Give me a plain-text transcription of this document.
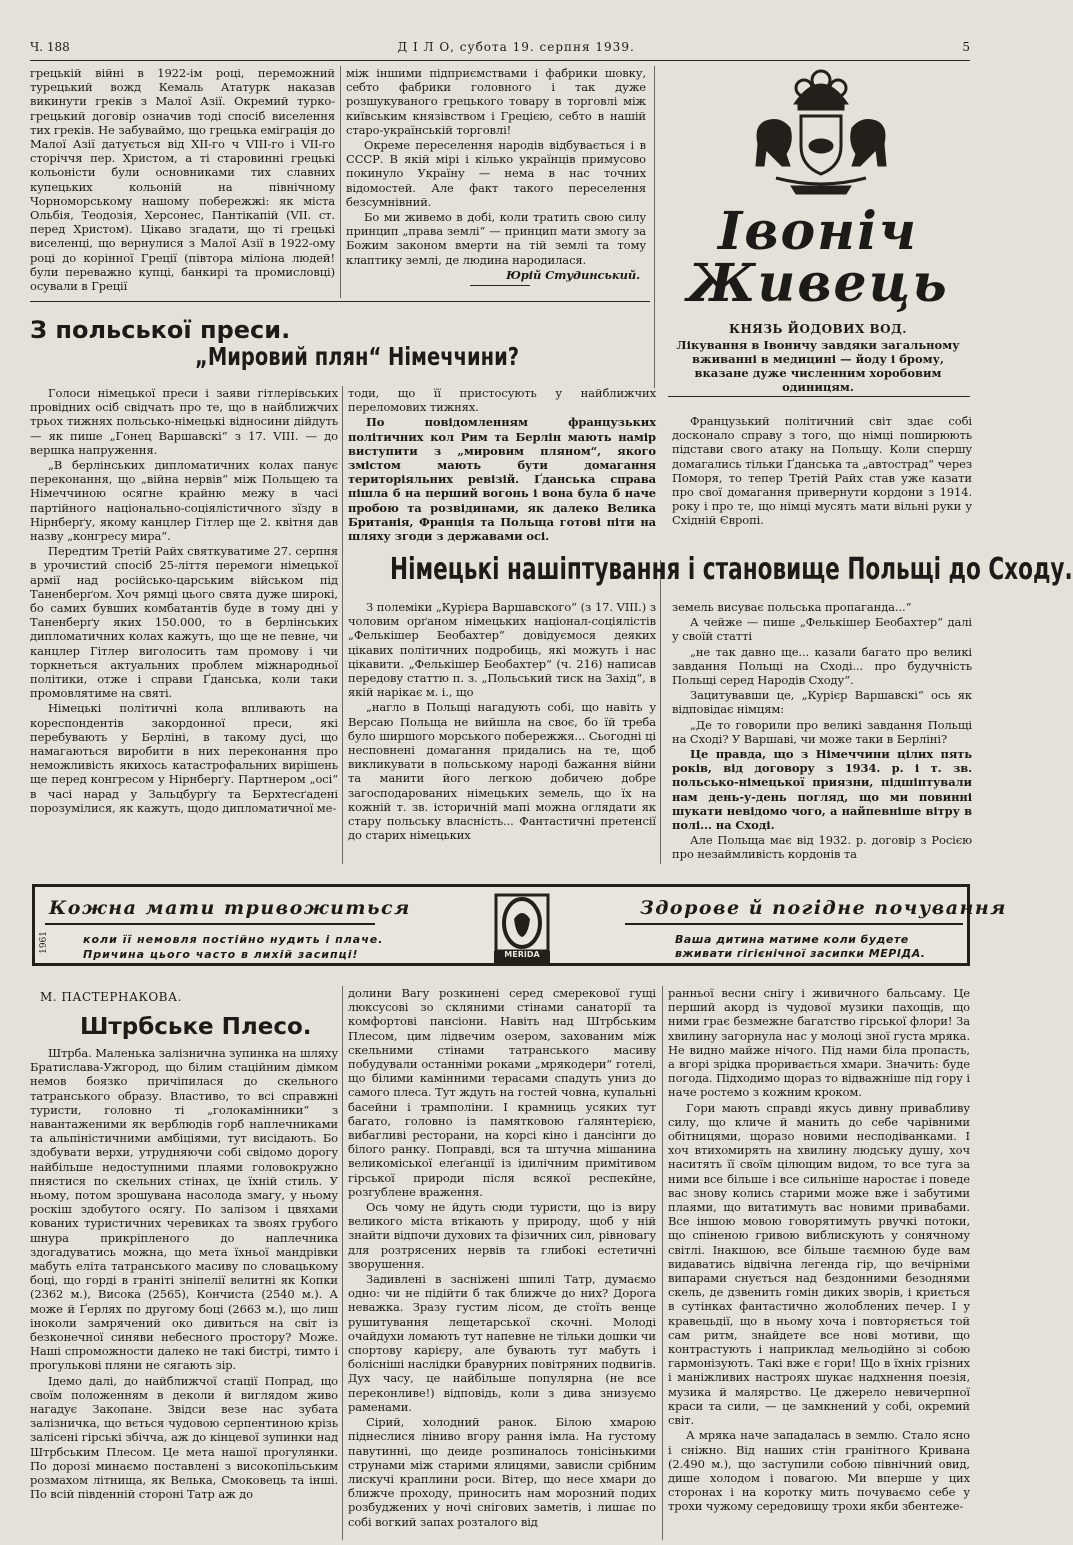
Ч. 188	Д І Л О, субота 19. серпня 1939.	5

грецькій війні в 1922-ім році, переможний турецький вожд Кемаль Ататурк наказав викинути греків з Малої Азії. Окремий турко-грецький договір означив тоді спосіб виселення тих греків. Не забуваймо, що грецька еміграція до Малої Азії датується від XII-го ч VIII-го і VII-го сторіччя пер. Христом, а ті старовинні грецькі кольоністи були основниками тих славних купецьких кольоній на північному Чорноморському нашому побережжі: як міста Ольбія, Теодозія, Херсонес, Пантікапій (VII. ст. перед Христом). Цікаво згадати, що ті грецькі виселенці, що вернулися з Малої Азії в 1922-ому році до корінної Греції (півтора міліона людей! були переважно купці, банкирі та промисловці) осували в Греції

між іншими підприємствами і фабрики шовку, себто фабрики головного і так дуже розшукуваного грецького товару в торговлі між київським князівством і Грецією, себто в нашій старо-українській торговлі!

Окреме переселення народів відбувається і в СССР. В якій мірі і кілько українців примусово покинуло Україну — нема в нас точних відомостей. Але факт такого переселення безсумнівний.

Бо ми живемо в добі, коли тратить свою силу принцип „права землі“ — принцип мати змогу за Божим законом вмерти на тій землі та тому клаптику землі, де людина народилася.

Юрій Студинський.

Івоніч
Живець
КНЯЗЬ ЙОДОВИХ ВОД.
Лікування в Івоничу завдяки загальному вживанні в медицині — йоду і брому, вказане дуже численним хоробовим одиницям.
З польської преси.
„Мировий плян“ Німеччини?

Голоси німецької преси і заяви гітлерівських провідних осіб свідчать про те, що в найближчих трьох тижнях польсько-німецькі відносини дійдуть — як пише „Гонец Варшавскі“ з 17. VIII. — до вершка напруження.

„В берлінських дипломатичних колах панує переконання, що „війна нервів“ між Польщею та Німеччиною осягне крайню межу в часі партійного національно-соціялістичного зїзду в Нірнберґу, якому канцлер Гітлер ще 2. квітня дав назву „конгресу мира“.

Передтим Третій Райх святкуватиме 27. серпня в урочистий спосіб 25-ліття перемоги німецької армії над російсько-царським військом під Таненберґом. Хоч рямці цього свята дуже широкі, бо самих бувших комбатантів буде в тому дні у Таненберґу яких 150.000, то в берлінських дипломатичних колах кажуть, що ще не певне, чи канцлер Гітлер виголосить там промову і чи торкнеться актуальних проблем міжнародньої політики, отже і справи Ґданська, коли таки промовлятиме на святі.

Німецькі політичні кола впливають на кореспондентів закордонної преси, які перебувають у Берліні, в такому дусі, що намагаються виробити в них переконання про неможливість якихось катастрофальних вирішень ще перед конгресом у Нірнберґу. Партнером „осі“ в часі нарад у Зальцбурґу та Берхтесґадені порозумілися, як кажуть, щодо дипломатичної ме-

тоди, що її пристосують у найближчих переломових тижнях.

По повідомленням французьких політичних кол Рим та Берлін мають намір виступити з „мировим пляном“, якого змістом мають бути домагання територіяльних ревізій. Ґданська справа пішла б на перший вогонь і вона була б наче пробою та розвідинами, як далеко Велика Британія, Франція та Польща готові піти на шляху згоди з державами осі.

Французький політичний світ здає собі досконало справу з того, що німці поширюють підстави свого атаку на Польщу. Коли спершу домагались тільки Ґданська та „автострад“ через Поморя, то тепер Третій Райх став уже казати про свої домагання привернути кордони з 1914. року і про те, що німці мусять мати вільні руки у Східній Європі.

Німецькі нашіптування і становище Польщі до Сходу.

З полеміки „Курієра Варшавского“ (з 17. VIII.) з чоловим орґаном німецьких націонал-соціялістів „Фелькішер Беобахтер“ довідуємося деяких цікавих політичних подробиць, які можуть і нас цікавити. „Фелькішер Беобахтер“ (ч. 216) написав передову статтю п. з. „Польський тиск на Захід“, в якій нарікає м. і., що

„нагло в Польщі нагадують собі, що навіть у Версаю Польща не вийшла на своє, бо їй треба було ширшого морського побережжя... Сьогодні ці несповнені домагання придались на те, щоб викликувати в польському народі бажання війни та манити його легкою добичею добре загосподарованих німецьких земель, що їх на кожній т. зв. історичній мапі можна оглядати як стару польську власність... Фантастичні претенсії до старих німецьких

земель висуває польська пропаганда...“

А чейже — пише „Фелькішер Беобахтер“ далі у своїй статті

„не так давно ще... казали багато про великі завдання Польщі на Сході... про будучність Польщі серед Народів Сходу“.

Зацитувавши це, „Курієр Варшавскі“ ось як відповідає німцям:

„Де то говорили про великі завдання Польщі на Сході? У Варшаві, чи може таки в Берліні?

Це правда, що з Німеччини цілих пять років, від договору з 1934. р. і т. зв. польсько-німецької приязни, підшіптували нам день-у-день погляд, що ми повинні шукати невідомо чого, а найпевніше вітру в полі... на Сході.

Але Польща має від 1932. р. договір з Росією про незаймливість кордонів та

Кожна мати тривожиться
коли її немовля постійно нудить і плаче.
Причина цього часто в лихій засипці!
1961
MERIDA
Здорове й погідне почування
Ваша дитина матиме коли будете вживати гігієнічної засипки МЕРІДА.
М. ПАСТЕРНАКОВА.
Штрбське Плесо.

Штрба. Маленька залізнична зупинка на шляху Братислава-Ужгород, що білим стаційним дімком немов боязко причіпилася до скельного татранського образу. Властиво, то всі справжні туристи, головно ті „голокамінники“ з навантаженими як верблюдів горб наплечниками та альпіністичними амбіціями, тут висідають. Бо здобувати верхи, утрудняючи собі свідомо дорогу найбільше недоступними плаями головокружно пнястися по скельних стінах, це їхній стиль. У ньому, потом зрошувана насолода змагу, у ньому роскіш здобутого осягу. По залізом і цвяхами кованих туристичних черевиках та звоях грубого шнура прикріпленого до наплечника здогадуватись можна, що мета їхньої мандрівки мабуть еліта татранського масиву по словацькому боці, що горді в граніті зніпелії велитні як Копки (2362 м.), Висока (2565), Кончиста (2540 м.). А може й Ґерлях по другому боці (2663 м.), що лиш іноколи замрячений око дивиться на світ із безконечної синяви небесного простору? Може. Наші спроможности далеко не такі бистрі, тимто і прогулькові пляни не сягають зір.

Ідемо далі, до найближчої стації Попрад, що своїм положенням в деколи й виглядом живо нагадує Закопане. Звідси везе нас зубата залізничка, що вється чудовою серпентиною крізь залісені гірські збічча, аж до кінцевої зупинки над Штрбським Плесом. Це мета нашої прогулянки. По дорозі минаємо поставлені з високопільським розмахом літнища, як Велька, Смоковець та інші. По всій південній стороні Татр аж до

долини Вагу розкинені серед смерекової гущі люксусові зо скляними стінами санаторії та комфортові пансіони. Навіть над Штрбським Плесом, цим лідвечим озером, захованим між скельними стінами татранського масиву побудували останніми роками „мрякодери“ готелі, що білими камінними терасами спадуть униз до самого плеса. Тут ждуть на гостей човна, купальні басейни і трамполіни. І крамниць усяких тут багато, головно із памятковою ґалянтерією, вибагливі ресторани, на корсі кіно і дансінги до білого ранку. Поправді, вся та штучна мішанина великоміської елеґанції із ідилічним примітивом гірської природи після всякої респекйне, розгублене враження.

Ось чому не йдуть сюди туристи, що із виру великого міста втікають у природу, щоб у ній знайти відпочи духових та фізичних сил, рівновагу для розтрясених нервів та глибокі естетичні зворушення.

Задивлені в засніжені шпилі Татр, думаємо одно: чи не підійти б так ближче до них? Дорога неважка. Зразу густим лісом, де стоїть венце рушитування лещетарської скочні. Молоді очайдухи ломають тут напевне не тільки дошки чи спортову карієру, але бувають тут мабуть і болісніші наслідки бравурних повітряних подвигів. Дух часу, це найбільше популярна (не все переконливе!) відповідь, коли з дива знизуємо раменами.

Сірий, холодний ранок. Білою хмарою піднеслися ліниво вгору рання імла. На густому павутинні, що деиде розпиналось тонісінькими струнами між старими ялицями, зависли срібним лискучі краплини роси. Вітер, що несе хмари до ближче проходу, приносить нам морозний подих розбуджених у ночі снігових заметів, і лишає по собі вогкий запах розталого від

ранньої весни снігу і живичного бальсаму. Це перший акорд із чудової музики пахощів, що ними грає безмежне багатство гірської флори! За хвилину загорнула нас у молоці зної густа мряка. Не видно майже нічого. Під нами біла пропасть, а вгорі зрідка проривається хмари. Значить: буде погода. Підходимо щораз то відважніше під гору і наче ростемо з кожним кроком.

Гори мають справді якусь дивну привабливу силу, що кличе й манить до себе чарівними обітницями, щоразо новими несподіванками. І хоч втихомирять на хвилину людську душу, хоч наситять її своїм цілющим видом, то все туга за ними все більше і все сильніше наростає і поведе вас знову колись старими може вже і забутими плаями, що витатимуть вас новими привабами. Все іншою мовою говорятимуть рвучкі потоки, що спіненою гривою виблискують у сонячному світлі. Інакшою, все більше таємною буде вам видаватись відвічна легенда гір, що вечірніми випарами снується над бездонними безоднями скель, де дзвенить гомін диких зворів, і криється в сутінках фантастично жолоблених печер. І у кравецьдії, що в ньому хоча і повторяється той сам ритм, знайдете все нові мотиви, що контрастують і наприклад мельодійно зі собою гармонізують. Такі вже є гори! Що в їхніх грізних і маніжливих настроях шукає надхнення поезія, музика й малярство. Це джерело невичерпної краси та сили, — це замкнений у собі, окремий світ.

А мряка наче западалась в землю. Стало ясно і сніжно. Від наших стін гранітного Кривана (2.490 м.), що заступили собою північний овид, дише холодом і повагою. Ми вперше у цих сторонах і на коротку мить почуваємо себе у трохи чужому середовищу трохи якби збентеже-
